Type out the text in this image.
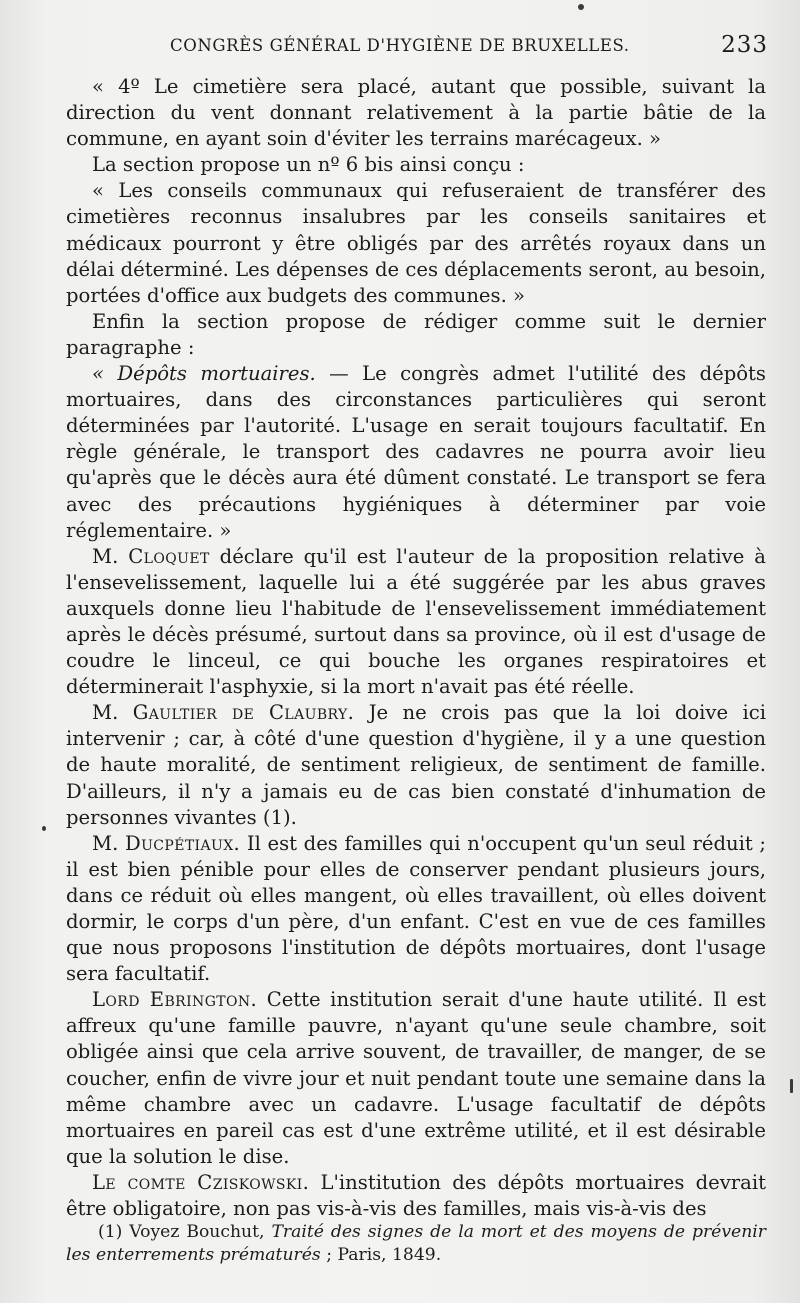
CONGRÈS GÉNÉRAL D'HYGIÈNE DE BRUXELLES.	233

« 4º Le cimetière sera placé, autant que possible, suivant la direction du vent donnant relativement à la partie bâtie de la commune, en ayant soin d'éviter les terrains marécageux. »

La section propose un nº 6 bis ainsi conçu :

« Les conseils communaux qui refuseraient de transférer des cimetières reconnus insalubres par les conseils sanitaires et médicaux pourront y être obligés par des arrêtés royaux dans un délai déterminé. Les dépenses de ces déplacements seront, au besoin, portées d'office aux budgets des communes. »

Enfin la section propose de rédiger comme suit le dernier paragraphe :

« Dépôts mortuaires. — Le congrès admet l'utilité des dépôts mortuaires, dans des circonstances particulières qui seront déterminées par l'autorité. L'usage en serait toujours facultatif. En règle générale, le transport des cadavres ne pourra avoir lieu qu'après que le décès aura été dûment constaté. Le transport se fera avec des précautions hygiéniques à déterminer par voie réglementaire. »

M. Cloquet déclare qu'il est l'auteur de la proposition relative à l'ensevelissement, laquelle lui a été suggérée par les abus graves auxquels donne lieu l'habitude de l'ensevelissement immédiatement après le décès présumé, surtout dans sa province, où il est d'usage de coudre le linceul, ce qui bouche les organes respiratoires et déterminerait l'asphyxie, si la mort n'avait pas été réelle.

M. Gaultier de Claubry. Je ne crois pas que la loi doive ici intervenir ; car, à côté d'une question d'hygiène, il y a une question de haute moralité, de sentiment religieux, de sentiment de famille. D'ailleurs, il n'y a jamais eu de cas bien constaté d'inhumation de personnes vivantes (1).

M. Ducpétiaux. Il est des familles qui n'occupent qu'un seul réduit ; il est bien pénible pour elles de conserver pendant plusieurs jours, dans ce réduit où elles mangent, où elles travaillent, où elles doivent dormir, le corps d'un père, d'un enfant. C'est en vue de ces familles que nous proposons l'institution de dépôts mortuaires, dont l'usage sera facultatif.

Lord Ebrington. Cette institution serait d'une haute utilité. Il est affreux qu'une famille pauvre, n'ayant qu'une seule chambre, soit obligée ainsi que cela arrive souvent, de travailler, de manger, de se coucher, enfin de vivre jour et nuit pendant toute une semaine dans la même chambre avec un cadavre. L'usage facultatif de dépôts mortuaires en pareil cas est d'une extrême utilité, et il est désirable que la solution le dise.

Le comte Cziskowski. L'institution des dépôts mortuaires devrait être obligatoire, non pas vis-à-vis des familles, mais vis-à-vis des

(1) Voyez Bouchut, Traité des signes de la mort et des moyens de prévenir les enterrements prématurés ; Paris, 1849.
